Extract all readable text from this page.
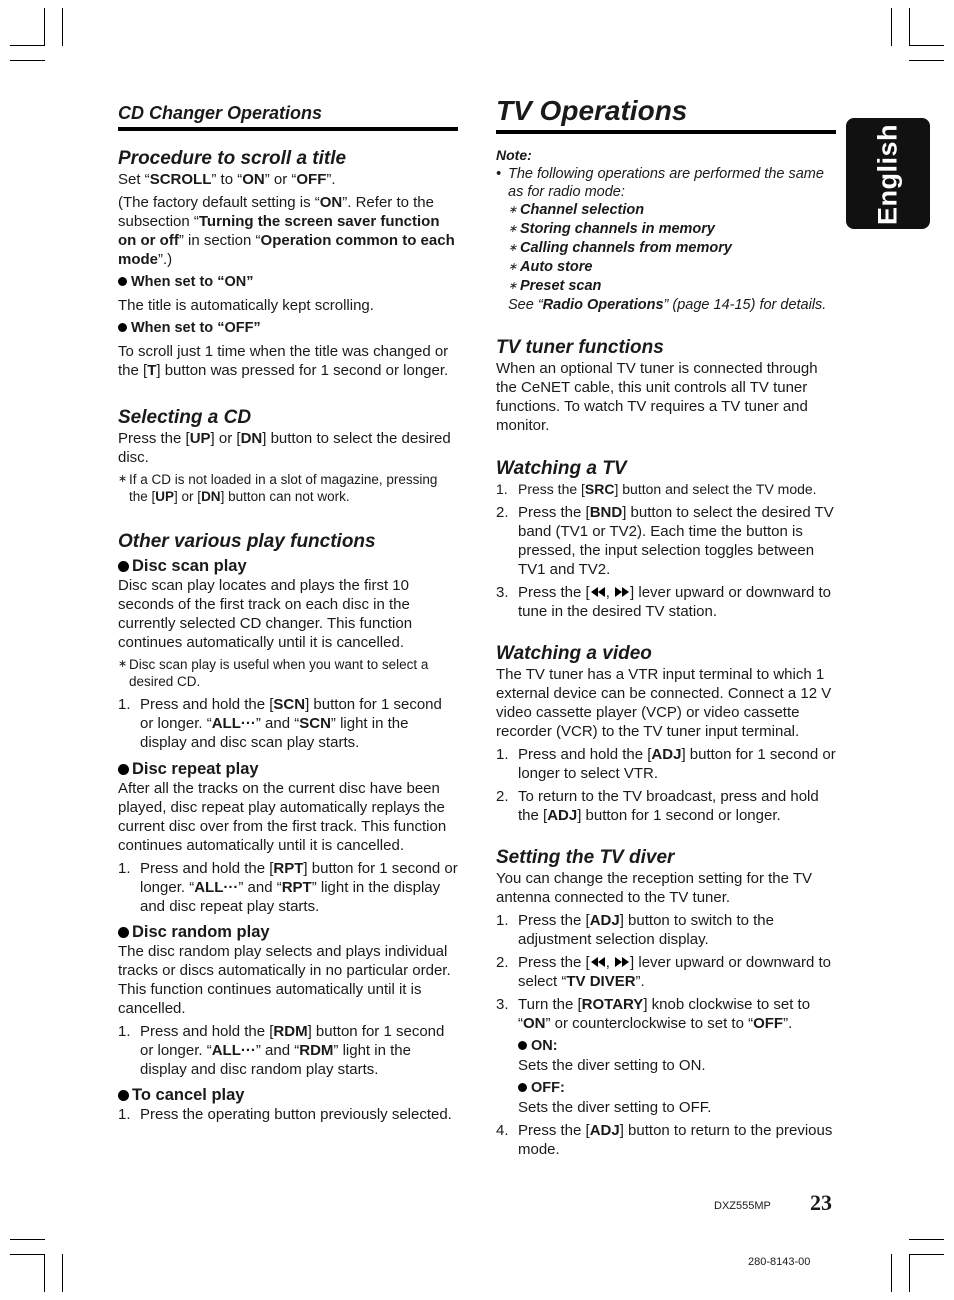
English
CD Changer Operations
Procedure to scroll a title

Set “SCROLL” to “ON” or “OFF”.

(The factory default setting is “ON”. Refer to the subsection “Turning the screen saver function on or off” in section “Operation common to each mode”.)

When set to “ON”

The title is automatically kept scrolling.

When set to “OFF”

To scroll just 1 time when the title was changed or the [T] button was pressed for 1 second or longer.

Selecting a CD

Press the [UP] or [DN] button to select the desired disc.

∗ If a CD is not loaded in a slot of magazine, pressing the [UP] or [DN] button can not work.

Other various play functions

Disc scan play

Disc scan play locates and plays the first 10 seconds of the first track on each disc in the currently selected CD changer. This function continues automatically until it is cancelled.

∗ Disc scan play is useful when you want to select a desired CD.

1. Press and hold the [SCN] button for 1 second or longer. “ALL···” and “SCN” light in the display and disc scan play starts.

Disc repeat play

After all the tracks on the current disc have been played, disc repeat play automatically replays the current disc over from the first track. This function continues automatically until it is cancelled.

1. Press and hold the [RPT] button for 1 second or longer. “ALL···” and “RPT” light in the display and disc repeat play starts.

Disc random play

The disc random play selects and plays individual tracks or discs automatically in no particular order. This function continues automatically until it is cancelled.

1. Press and hold the [RDM] button for 1 second or longer. “ALL···” and “RDM” light in the display and disc random play starts.

To cancel play

1. Press the operating button previously selected.
TV Operations

Note:

• The following operations are performed the same as for radio mode:

∗ Channel selection
∗ Storing channels in memory
∗ Calling channels from memory
∗ Auto store
∗ Preset scan

See “Radio Operations” (page 14-15) for details.

TV tuner functions

When an optional TV tuner is connected through the CeNET cable, this unit controls all TV tuner functions. To watch TV requires a TV tuner and monitor.

Watching a TV
1. Press the [SRC] button and select the TV mode.
2. Press the [BND] button to select the desired TV band (TV1 or TV2). Each time the button is pressed, the input selection toggles between TV1 and TV2.
3. Press the [ , ] lever upward or downward to tune in the desired TV station.
Watching a video

The TV tuner has a VTR input terminal to which 1 external device can be connected. Connect a 12 V video cassette player (VCP) or video cassette recorder (VCR) to the TV tuner input terminal.

1. Press and hold the [ADJ] button for 1 second or longer to select VTR.
2. To return to the TV broadcast, press and hold the [ADJ] button for 1 second or longer.
Setting the TV diver

You can change the reception setting for the TV antenna connected to the TV tuner.

1. Press the [ADJ] button to switch to the adjustment selection display.
2. Press the [ , ] lever upward or downward to select “TV DIVER”.
3. Turn the [ROTARY] knob clockwise to set to “ON” or counterclockwise to set to “OFF”.

ON:

Sets the diver setting to ON.

OFF:

Sets the diver setting to OFF.

4. Press the [ADJ] button to return to the previous mode.
DXZ555MP 23
280-8143-00
